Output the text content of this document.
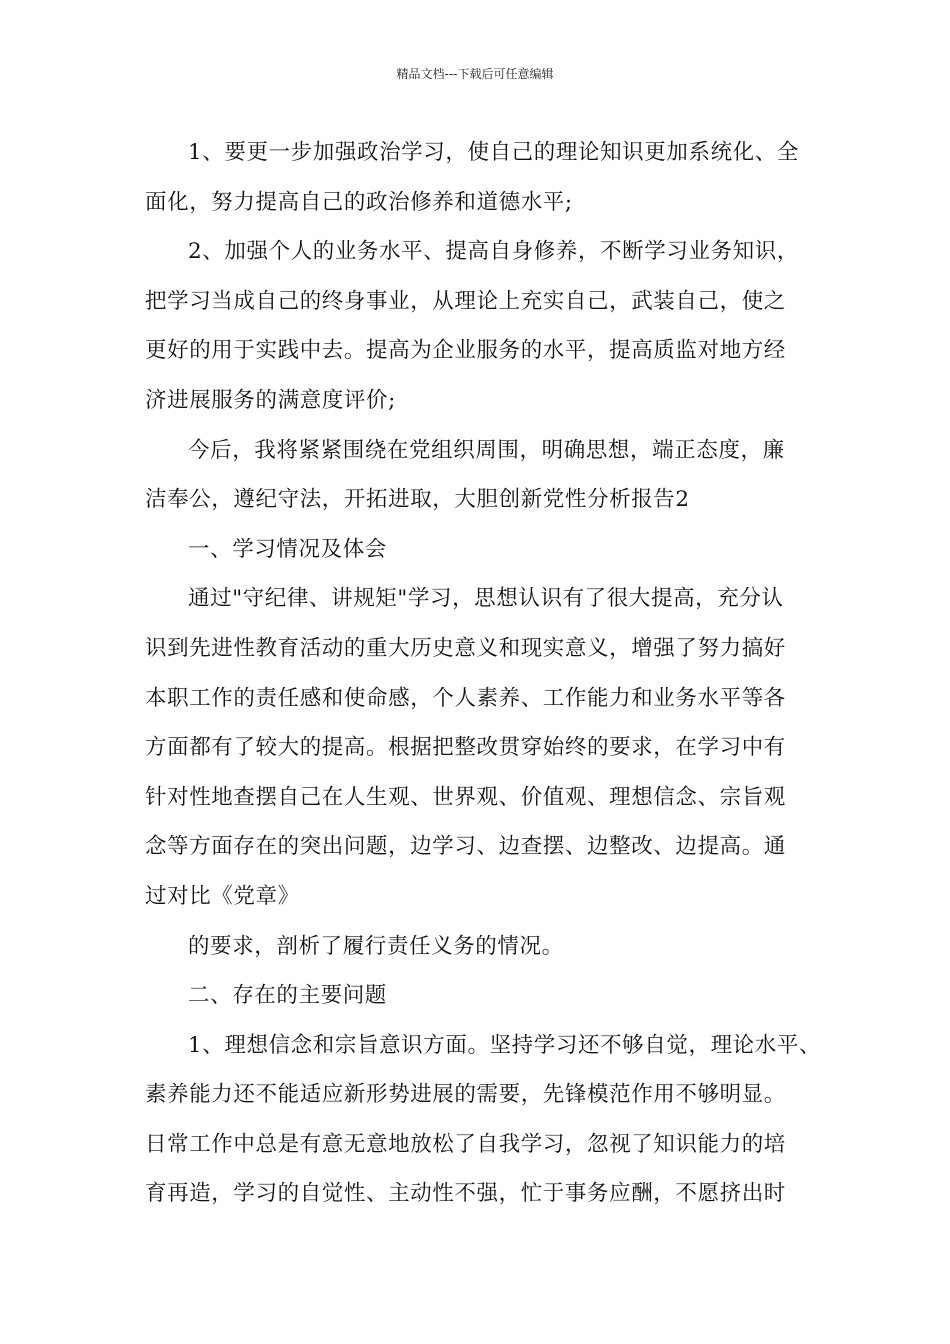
精品文档---下载后可任意编辑
1、要更一步加强政治学习，使自己的理论知识更加系统化、全
面化，努力提高自己的政治修养和道德水平;
2、加强个人的业务水平、提高自身修养，不断学习业务知识，
把学习当成自己的终身事业，从理论上充实自己，武装自己，使之
更好的用于实践中去。提高为企业服务的水平，提高质监对地方经
济进展服务的满意度评价;
今后，我将紧紧围绕在党组织周围，明确思想，端正态度，廉
洁奉公，遵纪守法，开拓进取，大胆创新党性分析报告2
一、学习情况及体会
通过"守纪律、讲规矩"学习，思想认识有了很大提高，充分认
识到先进性教育活动的重大历史意义和现实意义，增强了努力搞好
本职工作的责任感和使命感，个人素养、工作能力和业务水平等各
方面都有了较大的提高。根据把整改贯穿始终的要求，在学习中有
针对性地查摆自己在人生观、世界观、价值观、理想信念、宗旨观
念等方面存在的突出问题，边学习、边查摆、边整改、边提高。通
过对比《党章》
的要求，剖析了履行责任义务的情况。
二、存在的主要问题
1、理想信念和宗旨意识方面。坚持学习还不够自觉，理论水平、
素养能力还不能适应新形势进展的需要，先锋模范作用不够明显。
日常工作中总是有意无意地放松了自我学习，忽视了知识能力的培
育再造，学习的自觉性、主动性不强，忙于事务应酬，不愿挤出时
